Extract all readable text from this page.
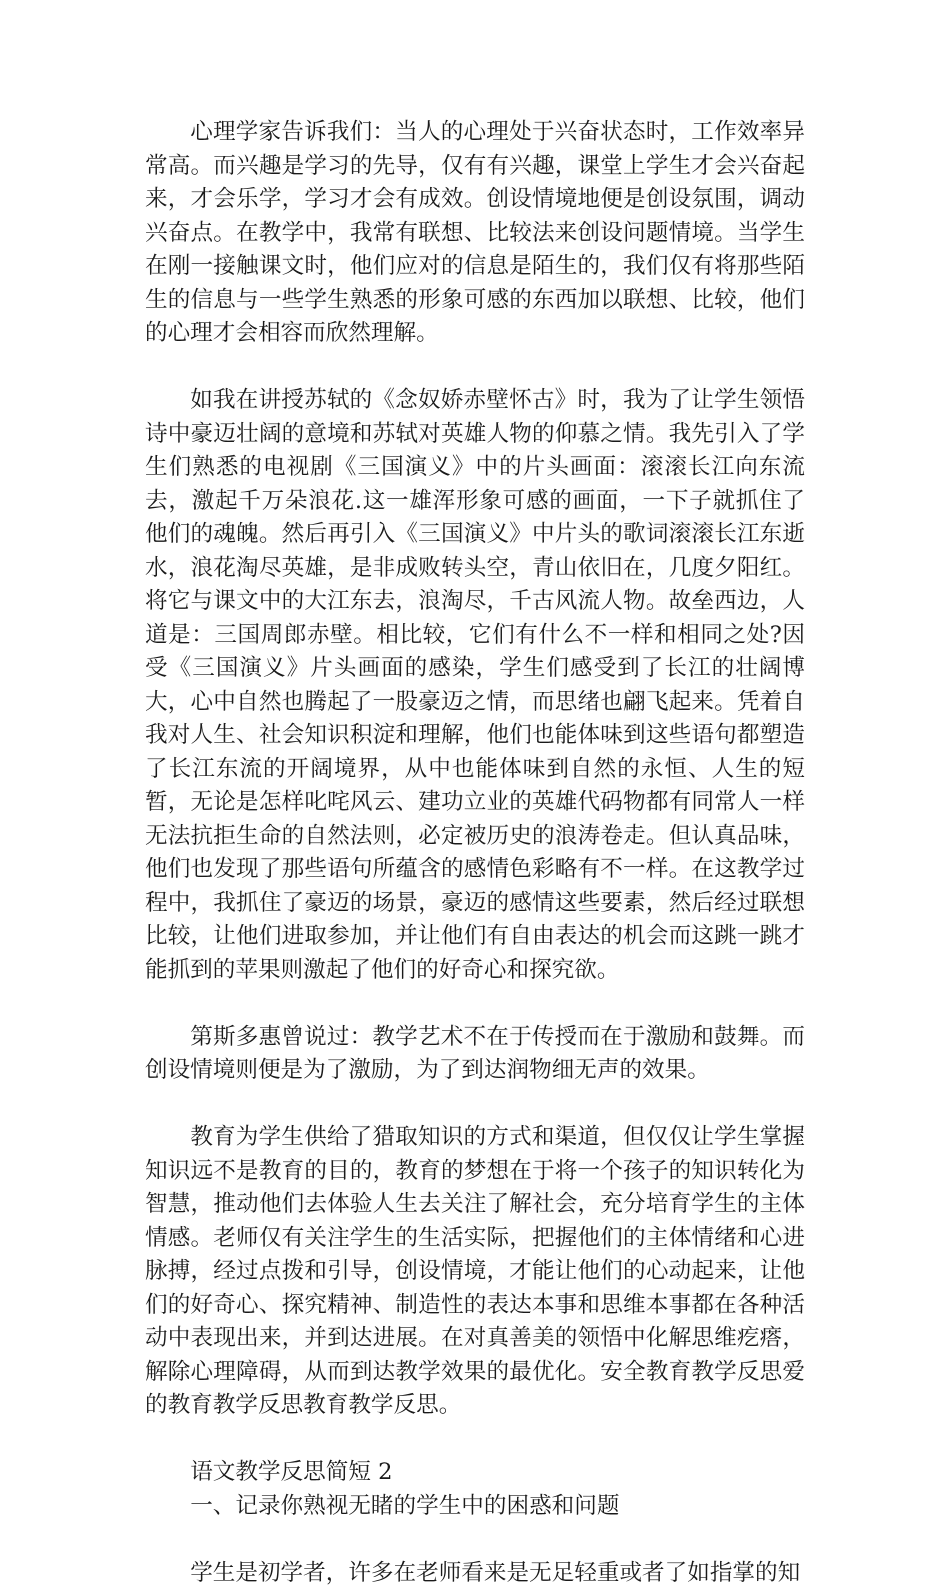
心理学家告诉我们：当人的心理处于兴奋状态时，工作效率异常高。而兴趣是学习的先导，仅有有兴趣，课堂上学生才会兴奋起来，才会乐学，学习才会有成效。创设情境地便是创设氛围，调动兴奋点。在教学中，我常有联想、比较法来创设问题情境。当学生在刚一接触课文时，他们应对的信息是陌生的，我们仅有将那些陌生的信息与一些学生熟悉的形象可感的东西加以联想、比较，他们的心理才会相容而欣然理解。

如我在讲授苏轼的《念奴娇赤壁怀古》时，我为了让学生领悟诗中豪迈壮阔的意境和苏轼对英雄人物的仰慕之情。我先引入了学生们熟悉的电视剧《三国演义》中的片头画面：滚滚长江向东流去，激起千万朵浪花.这一雄浑形象可感的画面，一下子就抓住了他们的魂魄。然后再引入《三国演义》中片头的歌词滚滚长江东逝水，浪花淘尽英雄，是非成败转头空，青山依旧在，几度夕阳红。将它与课文中的大江东去，浪淘尽，千古风流人物。故垒西边，人道是：三国周郎赤壁。相比较，它们有什么不一样和相同之处?因受《三国演义》片头画面的感染，学生们感受到了长江的壮阔博大，心中自然也腾起了一股豪迈之情，而思绪也翩飞起来。凭着自我对人生、社会知识积淀和理解，他们也能体味到这些语句都塑造了长江东流的开阔境界，从中也能体味到自然的永恒、人生的短暂，无论是怎样叱咤风云、建功立业的英雄代码物都有同常人一样无法抗拒生命的自然法则，必定被历史的浪涛卷走。但认真品味，他们也发现了那些语句所蕴含的感情色彩略有不一样。在这教学过程中，我抓住了豪迈的场景，豪迈的感情这些要素，然后经过联想比较，让他们进取参加，并让他们有自由表达的机会而这跳一跳才能抓到的苹果则激起了他们的好奇心和探究欲。

第斯多惠曾说过：教学艺术不在于传授而在于激励和鼓舞。而创设情境则便是为了激励，为了到达润物细无声的效果。

教育为学生供给了猎取知识的方式和渠道，但仅仅让学生掌握知识远不是教育的目的，教育的梦想在于将一个孩子的知识转化为智慧，推动他们去体验人生去关注了解社会，充分培育学生的主体情感。老师仅有关注学生的生活实际，把握他们的主体情绪和心进脉搏，经过点拨和引导，创设情境，才能让他们的心动起来，让他们的好奇心、探究精神、制造性的表达本事和思维本事都在各种活动中表现出来，并到达进展。在对真善美的领悟中化解思维疙瘩，解除心理障碍，从而到达教学效果的最优化。安全教育教学反思爱的教育教学反思教育教学反思。

语文教学反思简短 2

一、记录你熟视无睹的学生中的困惑和问题

学生是初学者，许多在老师看来是无足轻重或者了如指掌的知
